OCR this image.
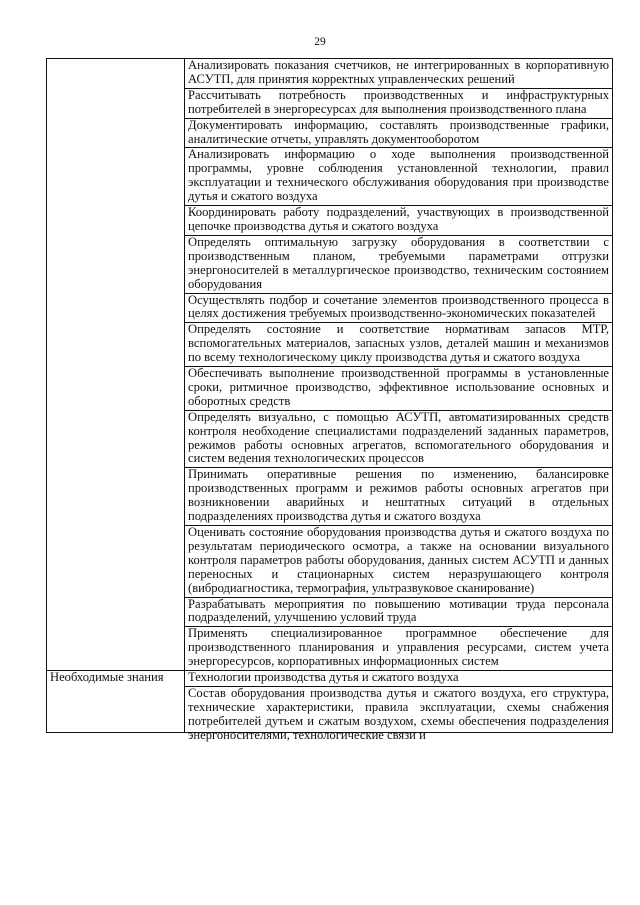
29
	Анализировать показания счетчиков, не интегрированных в корпоративную АСУТП, для принятия корректных управленческих решений
	Рассчитывать потребность производственных и инфраструктурных потребителей в энергоресурсах для выполнения производственного плана
	Документировать информацию, составлять производственные графики, аналитические отчеты, управлять документооборотом
	Анализировать информацию о ходе выполнения производственной программы, уровне соблюдения установленной технологии, правил эксплуатации и технического обслуживания оборудования при производстве дутья и сжатого воздуха
	Координировать работу подразделений, участвующих в производственной цепочке производства дутья и сжатого воздуха
	Определять оптимальную загрузку оборудования в соответствии с производственным планом, требуемыми параметрами отгрузки энергоносителей в металлургическое производство, техническим состоянием оборудования
	Осуществлять подбор и сочетание элементов производственного процесса в целях достижения требуемых производственно-экономических показателей
	Определять состояние и соответствие нормативам запасов МТР, вспомогательных материалов, запасных узлов, деталей машин и механизмов по всему технологическому циклу производства дутья и сжатого воздуха
	Обеспечивать выполнение производственной программы в установленные сроки, ритмичное производство, эффективное использование основных и оборотных средств
	Определять визуально, с помощью АСУТП, автоматизированных средств контроля необходение специалистами подразделений заданных параметров, режимов работы основных агрегатов, вспомогательного оборудования и систем ведения технологических процессов
	Принимать оперативные решения по изменению, балансировке производственных программ и режимов работы основных агрегатов при возникновении аварийных и нештатных ситуаций в отдельных подразделениях производства дутья и сжатого воздуха
	Оценивать состояние оборудования производства дутья и сжатого воздуха по результатам периодического осмотра, а также на основании визуального контроля параметров работы оборудования, данных систем АСУТП и данных переносных и стационарных систем неразрушающего контроля (вибродиагностика, термография, ультразвуковое сканирование)
	Разрабатывать мероприятия по повышению мотивации труда персонала подразделений, улучшению условий труда
	Применять специализированное программное обеспечение для производственного планирования и управления ресурсами, систем учета энергоресурсов, корпоративных информационных систем
Необходимые знания	Технологии производства дутья и сжатого воздуха

	Состав оборудования производства дутья и сжатого воздуха, его структура, технические характеристики, правила эксплуатации, схемы снабжения потребителей дутьем и сжатым воздухом, схемы обеспечения подразделения энергоносителями, технологические связи и
